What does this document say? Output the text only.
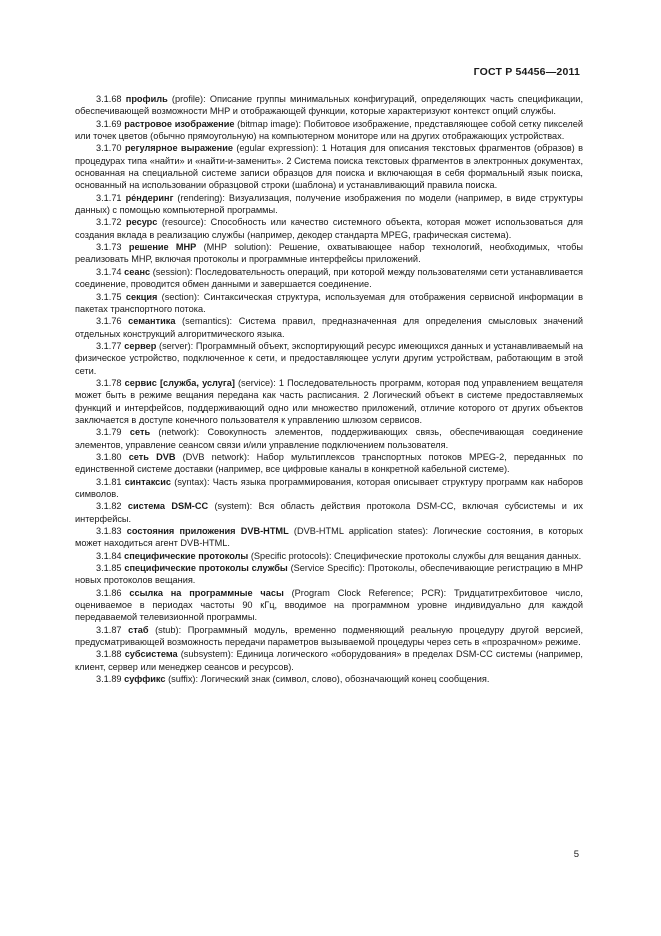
ГОСТ Р 54456—2011

3.1.68 профиль (profile): Описание группы минимальных конфигураций, определяющих часть спецификации, обеспечивающей возможности МНР и отображающей функции, которые характеризуют контекст опций службы.

3.1.69 растровое изображение (bitmap image): Побитовое изображение, представляющее собой сетку пикселей или точек цветов (обычно прямоугольную) на компьютерном мониторе или на других отображающих устройствах.

3.1.70 регулярное выражение (egular expression): 1 Нотация для описания текстовых фрагментов (образов) в процедурах типа «найти» и «найти-и-заменить». 2 Система поиска текстовых фрагментов в электронных документах, основанная на специальной системе записи образцов для поиска и включающая в себя формальный язык поиска, основанный на использовании образцовой строки (шаблона) и устанавливающий правила поиска.

3.1.71 ре́ндеринг (rendering): Визуализация, получение изображения по модели (например, в виде структуры данных) с помощью компьютерной программы.

3.1.72 ресурс (resource): Способность или качество системного объекта, которая может использоваться для создания вклада в реализацию службы (например, декодер стандарта MPEG, графическая система).

3.1.73 решение МНР (МНР solution): Решение, охватывающее набор технологий, необходимых, чтобы реализовать МНР, включая протоколы и программные интерфейсы приложений.

3.1.74 сеанс (session): Последовательность операций, при которой между пользователями сети устанавливается соединение, проводится обмен данными и завершается соединение.

3.1.75 секция (section): Синтаксическая структура, используемая для отображения сервисной информации в пакетах транспортного потока.

3.1.76 семантика (semantics): Система правил, предназначенная для определения смысловых значений отдельных конструкций алгоритмического языка.

3.1.77 сервер (server): Программный объект, экспортирующий ресурс имеющихся данных и устанавливаемый на физическое устройство, подключенное к сети, и предоставляющее услуги другим устройствам, работающим в этой сети.

3.1.78 сервис [служба, услуга] (service): 1 Последовательность программ, которая под управлением вещателя может быть в режиме вещания передана как часть расписания. 2 Логический объект в системе предоставляемых функций и интерфейсов, поддерживающий одно или множество приложений, отличие которого от других объектов заключается в доступе конечного пользователя к управлению шлюзом сервисов.

3.1.79 сеть (network): Совокупность элементов, поддерживающих связь, обеспечивающая соединение элементов, управление сеансом связи и/или управление подключением пользователя.

3.1.80 сеть DVB (DVB network): Набор мультиплексов транспортных потоков MPEG-2, переданных по единственной системе доставки (например, все цифровые каналы в конкретной кабельной системе).

3.1.81 синтаксис (syntax): Часть языка программирования, которая описывает структуру программ как наборов символов.

3.1.82 система DSM-CC (system): Вся область действия протокола DSM-CC, включая субсистемы и их интерфейсы.

3.1.83 состояния приложения DVB-HTML (DVB-HTML application states): Логические состояния, в которых может находиться агент DVB-HTML.

3.1.84 специфические протоколы (Specific protocols): Специфические протоколы службы для вещания данных.

3.1.85 специфические протоколы службы (Service Specific): Протоколы, обеспечивающие регистрацию в МНР новых протоколов вещания.

3.1.86 ссылка на программные часы (Program Clock Reference; PCR): Тридцатитрехбитовое число, оцениваемое в периодах частоты 90 кГц, вводимое на программном уровне индивидуально для каждой передаваемой телевизионной программы.

3.1.87 стаб (stub): Программный модуль, временно подменяющий реальную процедуру другой версией, предусматривающей возможность передачи параметров вызываемой процедуры через сеть в «прозрачном» режиме.

3.1.88 субсистема (subsystem): Единица логического «оборудования» в пределах DSM-CC системы (например, клиент, сервер или менеджер сеансов и ресурсов).

3.1.89 суффикс (suffix): Логический знак (символ, слово), обозначающий конец сообщения.

5
